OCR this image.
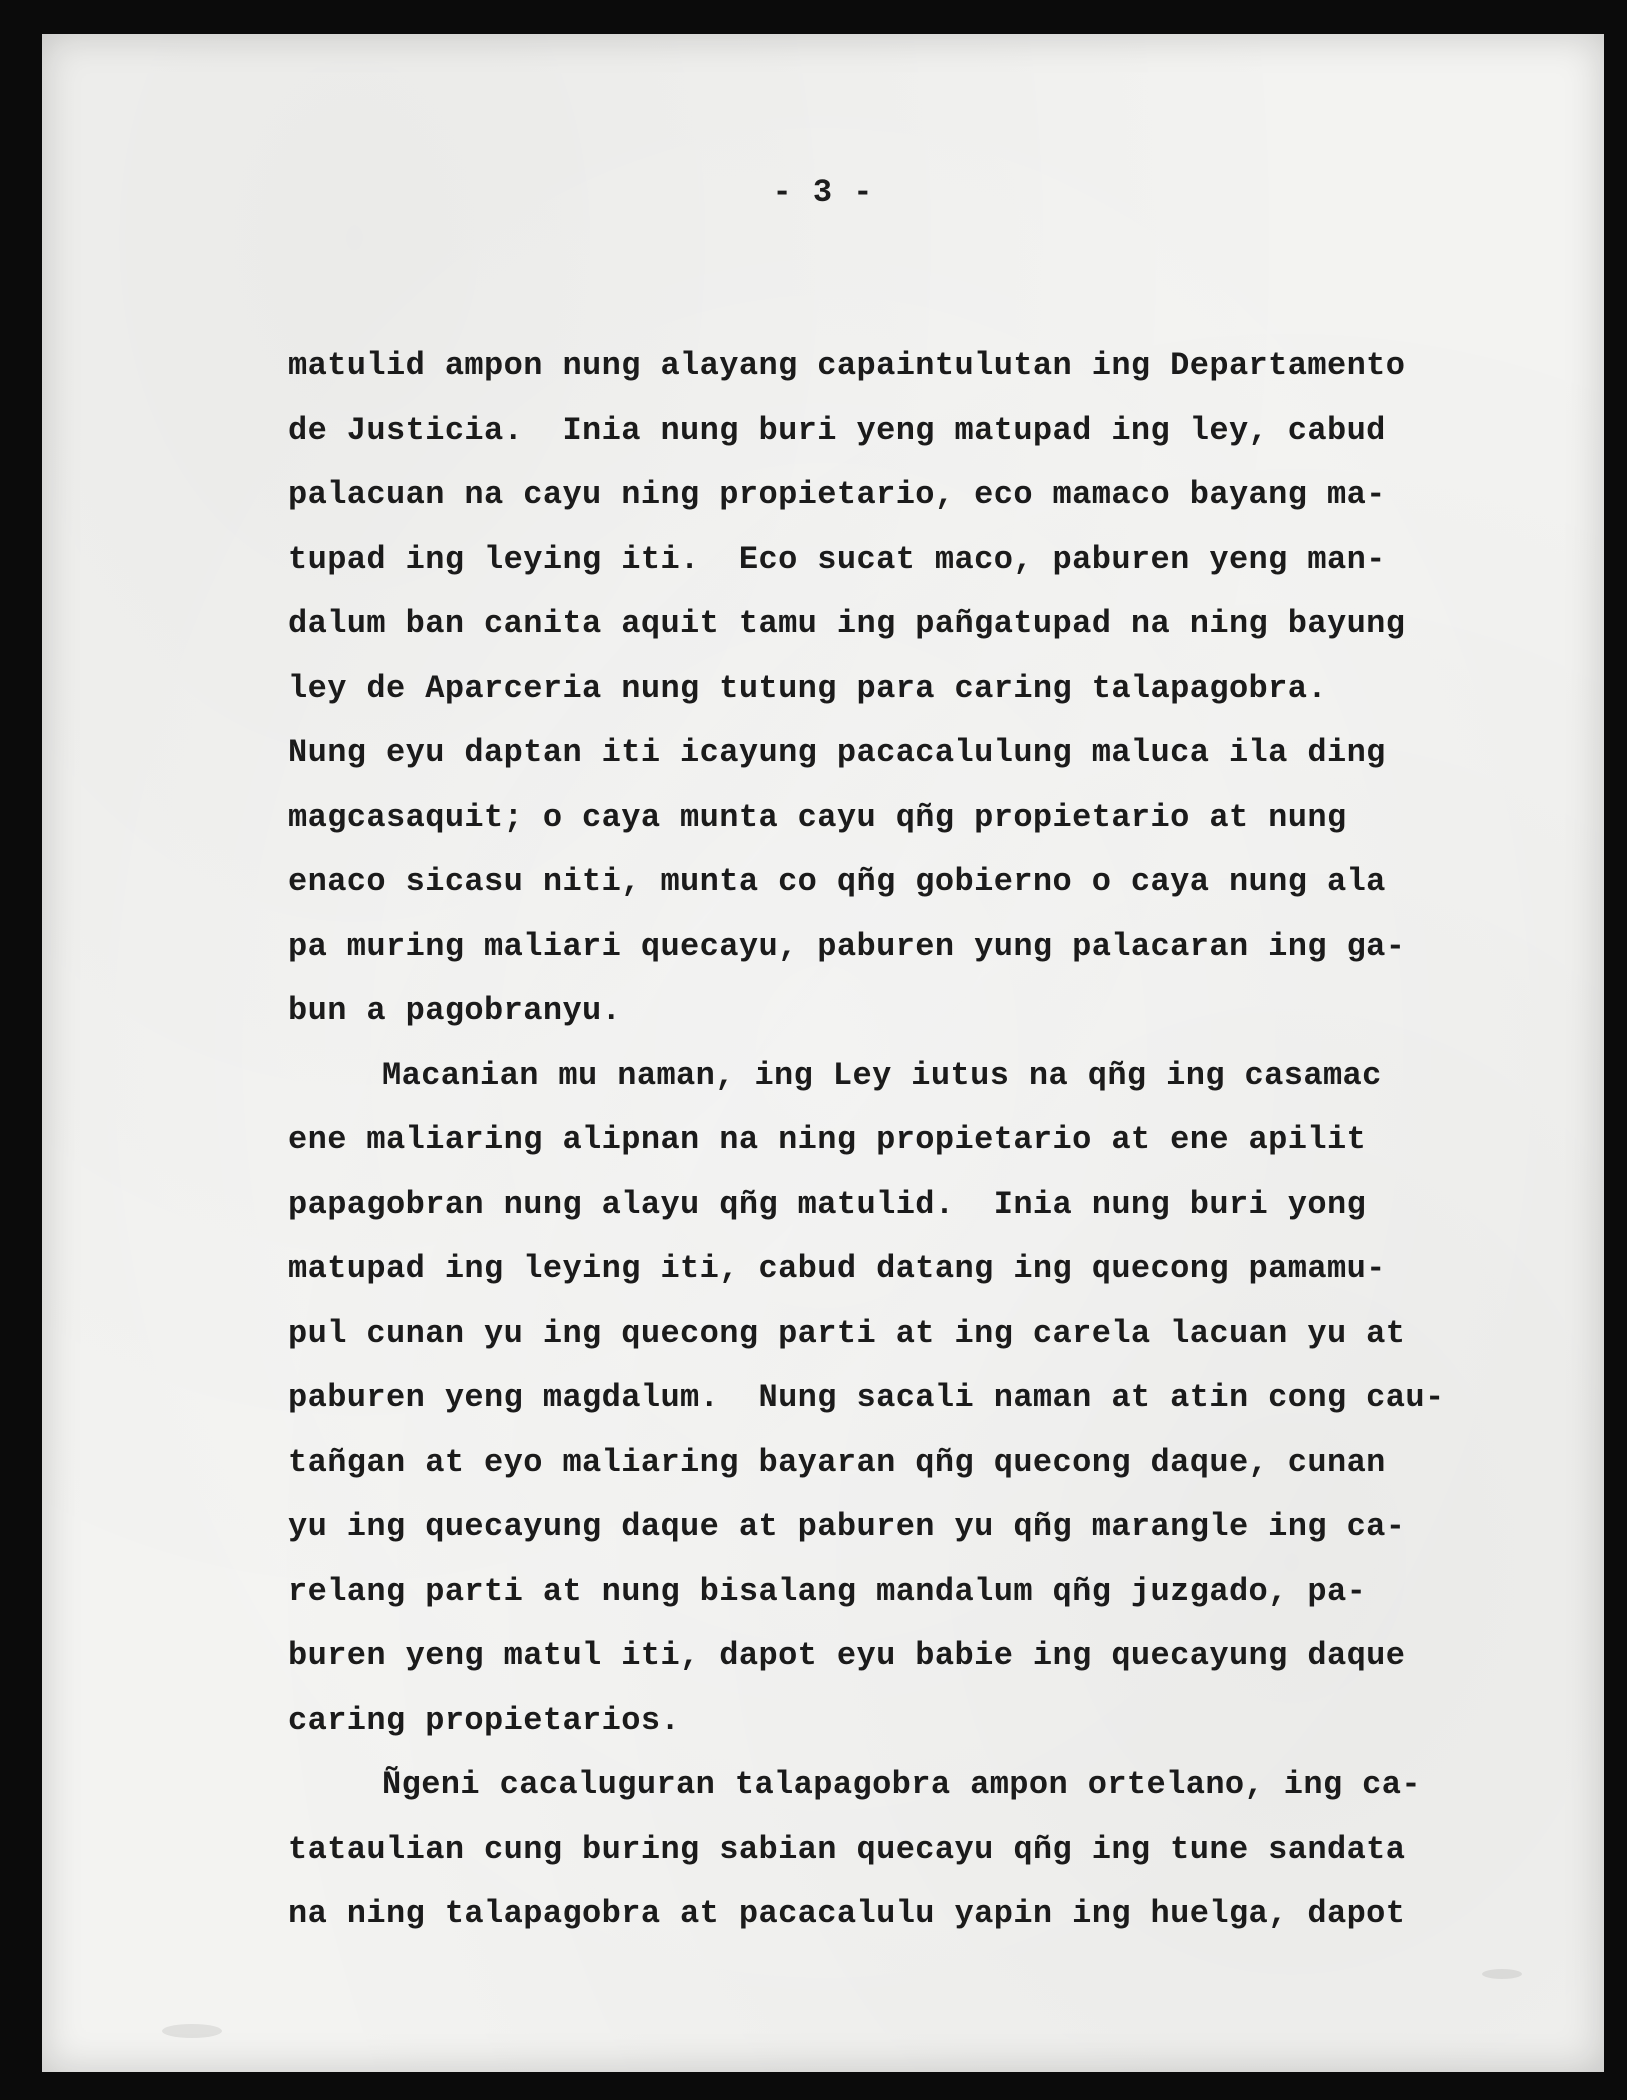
- 3 -
matulid ampon nung alayang capaintulutan ing Departamento
de Justicia.  Inia nung buri yeng matupad ing ley, cabud
palacuan na cayu ning propietario, eco mamaco bayang ma-
tupad ing leying iti.  Eco sucat maco, paburen yeng man-
dalum ban canita aquit tamu ing pañgatupad na ning bayung
ley de Aparceria nung tutung para caring talapagobra.
Nung eyu daptan iti icayung pacacalulung maluca ila ding
magcasaquit; o caya munta cayu qñg propietario at nung
enaco sicasu niti, munta co qñg gobierno o caya nung ala
pa muring maliari quecayu, paburen yung palacaran ing ga-
bun a pagobranyu.
Macanian mu naman, ing Ley iutus na qñg ing casamac
ene maliaring alipnan na ning propietario at ene apilit
papagobran nung alayu qñg matulid.  Inia nung buri yong
matupad ing leying iti, cabud datang ing quecong pamamu-
pul cunan yu ing quecong parti at ing carela lacuan yu at
paburen yeng magdalum.  Nung sacali naman at atin cong cau-
tañgan at eyo maliaring bayaran qñg quecong daque, cunan
yu ing quecayung daque at paburen yu qñg marangle ing ca-
relang parti at nung bisalang mandalum qñg juzgado, pa-
buren yeng matul iti, dapot eyu babie ing quecayung daque
caring propietarios.
Ñgeni cacaluguran talapagobra ampon ortelano, ing ca-
tataulian cung buring sabian quecayu qñg ing tune sandata
na ning talapagobra at pacacalulu yapin ing huelga, dapot
